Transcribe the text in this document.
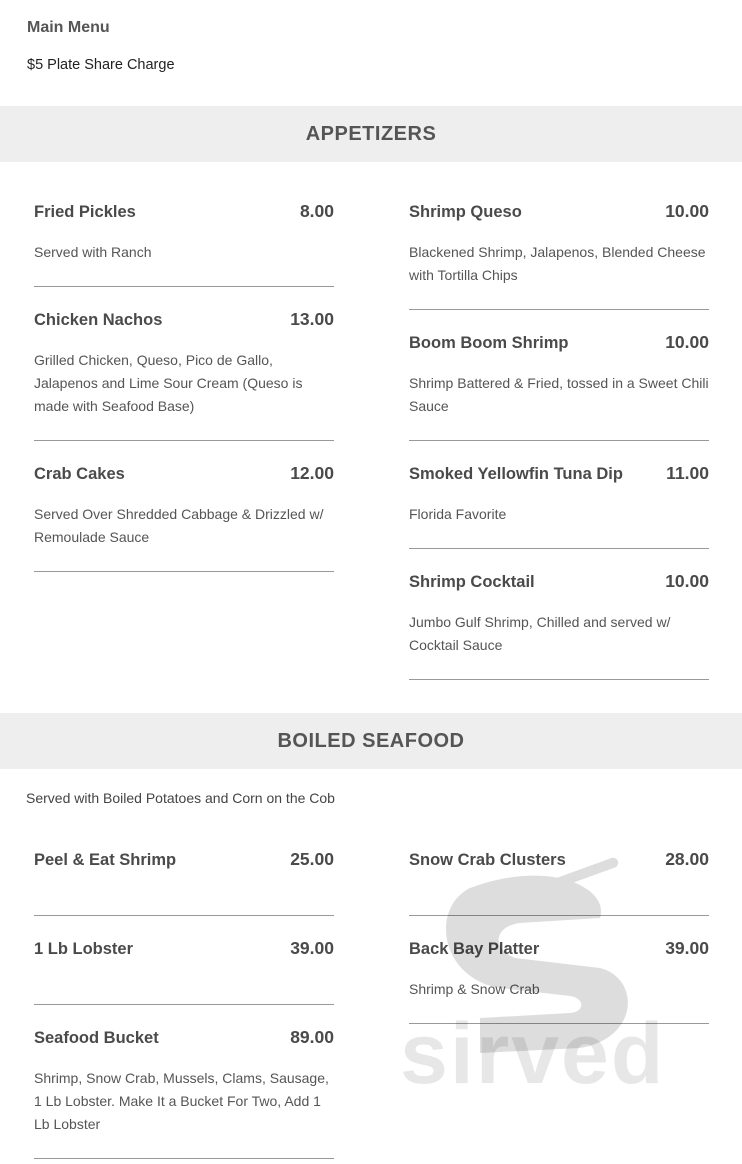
Main Menu
$5 Plate Share Charge
APPETIZERS
Fried Pickles	8.00
Served with Ranch
Chicken Nachos	13.00
Grilled Chicken, Queso, Pico de Gallo, Jalapenos and Lime Sour Cream (Queso is made with Seafood Base)
Crab Cakes	12.00
Served Over Shredded Cabbage & Drizzled w/ Remoulade Sauce
Shrimp Queso	10.00
Blackened Shrimp, Jalapenos, Blended Cheese with Tortilla Chips
Boom Boom Shrimp	10.00
Shrimp Battered & Fried, tossed in a Sweet Chili Sauce
Smoked Yellowfin Tuna Dip 11.00
Florida Favorite
Shrimp Cocktail	10.00
Jumbo Gulf Shrimp, Chilled and served w/ Cocktail Sauce
BOILED SEAFOOD
Served with Boiled Potatoes and Corn on the Cob
Peel & Eat Shrimp	25.00
1 Lb Lobster	39.00
Seafood Bucket	89.00
Shrimp, Snow Crab, Mussels, Clams, Sausage, 1 Lb Lobster. Make It a Bucket For Two, Add 1 Lb Lobster
Snow Crab Clusters	28.00
Back Bay Platter	39.00
Shrimp & Snow Crab
sirved
